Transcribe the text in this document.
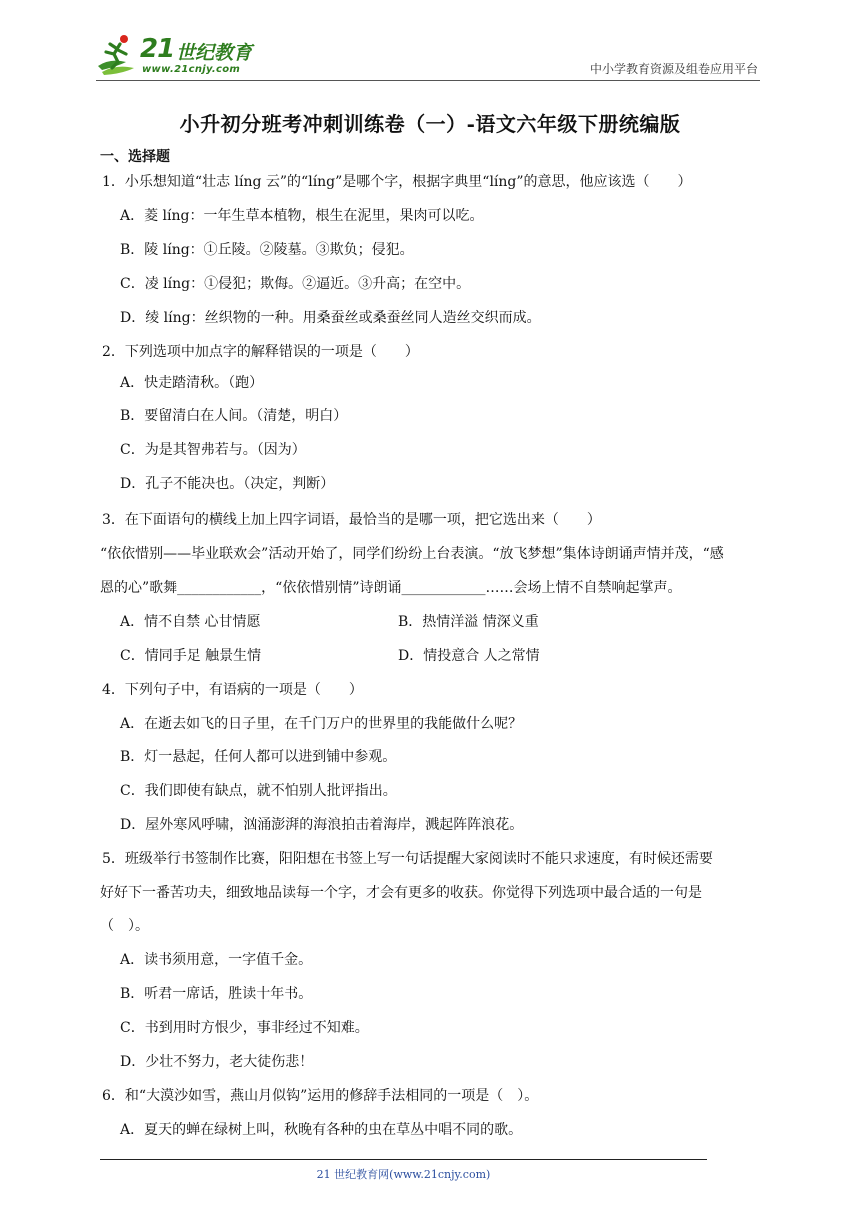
21 世纪教育
www.21cnjy.com	中小学教育资源及组卷应用平台
小升初分班考冲刺训练卷（一）-语文六年级下册统编版
一、选择题
1．小乐想知道“壮志 líng 云”的“líng”是哪个字，根据字典里“líng”的意思，他应该选（　　）
A．菱 líng：一年生草本植物，根生在泥里，果肉可以吃。
B．陵 líng：①丘陵。②陵墓。③欺负；侵犯。
C．凌 líng：①侵犯；欺侮。②逼近。③升高；在空中。
D．绫 líng：丝织物的一种。用桑蚕丝或桑蚕丝同人造丝交织而成。
2．下列选项中加点字的解释错误的一项是（　　）
A．快走踏清秋。（跑）
B．要留清白在人间。（清楚，明白）
C．为是其智弗若与。（因为）
D．孔子不能决也。（决定，判断）
3．在下面语句的横线上加上四字词语，最恰当的是哪一项，把它选出来（　　）
“依依惜别——毕业联欢会”活动开始了，同学们纷纷上台表演。“放飞梦想”集体诗朗诵声情并茂，“感
恩的心”歌舞____________，“依依惜别情”诗朗诵____________……会场上情不自禁响起掌声。
A．情不自禁 心甘情愿	B．热情洋溢 情深义重
C．情同手足 触景生情	D．情投意合 人之常情
4．下列句子中，有语病的一项是（　　）
A．在逝去如飞的日子里，在千门万户的世界里的我能做什么呢？
B．灯一悬起，任何人都可以进到铺中参观。
C．我们即使有缺点，就不怕别人批评指出。
D．屋外寒风呼啸，汹涌澎湃的海浪拍击着海岸，溅起阵阵浪花。
5．班级举行书签制作比赛，阳阳想在书签上写一句话提醒大家阅读时不能只求速度，有时候还需要
好好下一番苦功夫，细致地品读每一个字，才会有更多的收获。你觉得下列选项中最合适的一句是
（　）。
A．读书须用意，一字值千金。
B．听君一席话，胜读十年书。
C．书到用时方恨少，事非经过不知难。
D．少壮不努力，老大徒伤悲！
6．和“大漠沙如雪，燕山月似钩”运用的修辞手法相同的一项是（　）。
A．夏天的蝉在绿树上叫，秋晚有各种的虫在草丛中唱不同的歌。
21 世纪教育网(www.21cnjy.com)
